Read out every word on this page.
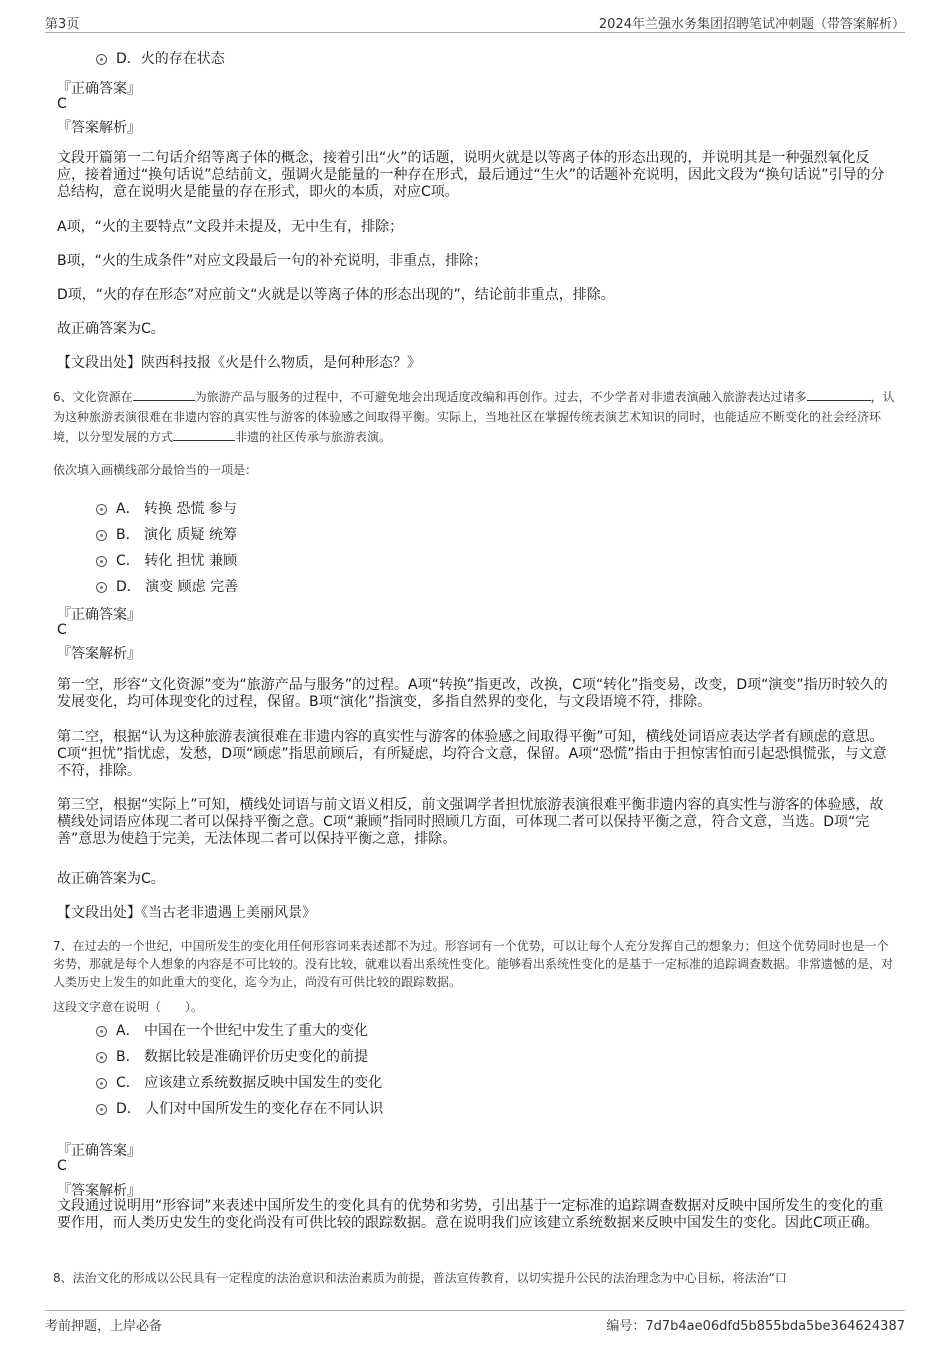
第3页	2024年兰强水务集团招聘笔试冲刺题（带答案解析）
D．火的存在状态
『正确答案』
C
『答案解析』
文段开篇第一二句话介绍等离子体的概念，接着引出“火”的话题，说明火就是以等离子体的形态出现的，并说明其是一种强烈氧化反应，接着通过“换句话说”总结前文，强调火是能量的一种存在形式，最后通过“生火”的话题补充说明，因此文段为“换句话说”引导的分总结构，意在说明火是能量的存在形式，即火的本质，对应C项。
A项，“火的主要特点”文段并未提及，无中生有，排除；
B项，“火的生成条件”对应文段最后一句的补充说明，非重点，排除；
D项，“火的存在形态”对应前文“火就是以等离子体的形态出现的”，结论前非重点，排除。
故正确答案为C。
【文段出处】陕西科技报《火是什么物质，是何种形态？》
6、文化资源在	为旅游产品与服务的过程中，不可避免地会出现适度改编和再创作。过去，不少学者对非遗表演融入旅游表达过诸多	，认为这种旅游表演很难在非遗内容的真实性与游客的体验感之间取得平衡。实际上，当地社区在掌握传统表演艺术知识的同时，也能适应不断变化的社会经济环境，以分型发展的方式	非遗的社区传承与旅游表演。
依次填入画横线部分最恰当的一项是：
A． 转换 恐慌 参与
B． 演化 质疑 统筹
C． 转化 担忧 兼顾
D． 演变 顾虑 完善
『正确答案』
C
『答案解析』
第一空，形容“文化资源”变为“旅游产品与服务”的过程。A项“转换”指更改，改换，C项“转化”指变易，改变，D项“演变”指历时较久的发展变化，均可体现变化的过程，保留。B项“演化”指演变，多指自然界的变化，与文段语境不符，排除。
第二空，根据“认为这种旅游表演很难在非遗内容的真实性与游客的体验感之间取得平衡”可知，横线处词语应表达学者有顾虑的意思。C项“担忧”指忧虑，发愁，D项“顾虑”指思前顾后，有所疑虑，均符合文意，保留。A项“恐慌”指由于担惊害怕而引起恐惧慌张，与文意不符，排除。
第三空，根据“实际上”可知，横线处词语与前文语义相反，前文强调学者担忧旅游表演很难平衡非遗内容的真实性与游客的体验感，故横线处词语应体现二者可以保持平衡之意。C项“兼顾”指同时照顾几方面，可体现二者可以保持平衡之意，符合文意，当选。D项“完善”意思为使趋于完美，无法体现二者可以保持平衡之意，排除。
故正确答案为C。
【文段出处】《当古老非遗遇上美丽风景》
7、在过去的一个世纪，中国所发生的变化用任何形容词来表述都不为过。形容词有一个优势，可以让每个人充分发挥自己的想象力；但这个优势同时也是一个劣势，那就是每个人想象的内容是不可比较的。没有比较，就难以看出系统性变化。能够看出系统性变化的是基于一定标准的追踪调查数据。非常遗憾的是，对人类历史上发生的如此重大的变化，迄今为止，尚没有可供比较的跟踪数据。
这段文字意在说明（　　）。
A． 中国在一个世纪中发生了重大的变化
B． 数据比较是准确评价历史变化的前提
C． 应该建立系统数据反映中国发生的变化
D． 人们对中国所发生的变化存在不同认识
『正确答案』
C
『答案解析』
文段通过说明用“形容词”来表述中国所发生的变化具有的优势和劣势，引出基于一定标准的追踪调查数据对反映中国所发生的变化的重要作用，而人类历史发生的变化尚没有可供比较的跟踪数据。意在说明我们应该建立系统数据来反映中国发生的变化。因此C项正确。
8、法治文化的形成以公民具有一定程度的法治意识和法治素质为前提，普法宣传教育，以切实提升公民的法治理念为中心目标，将法治“口
考前押题，上岸必备	编号：7d7b4ae06dfd5b855bda5be364624387
